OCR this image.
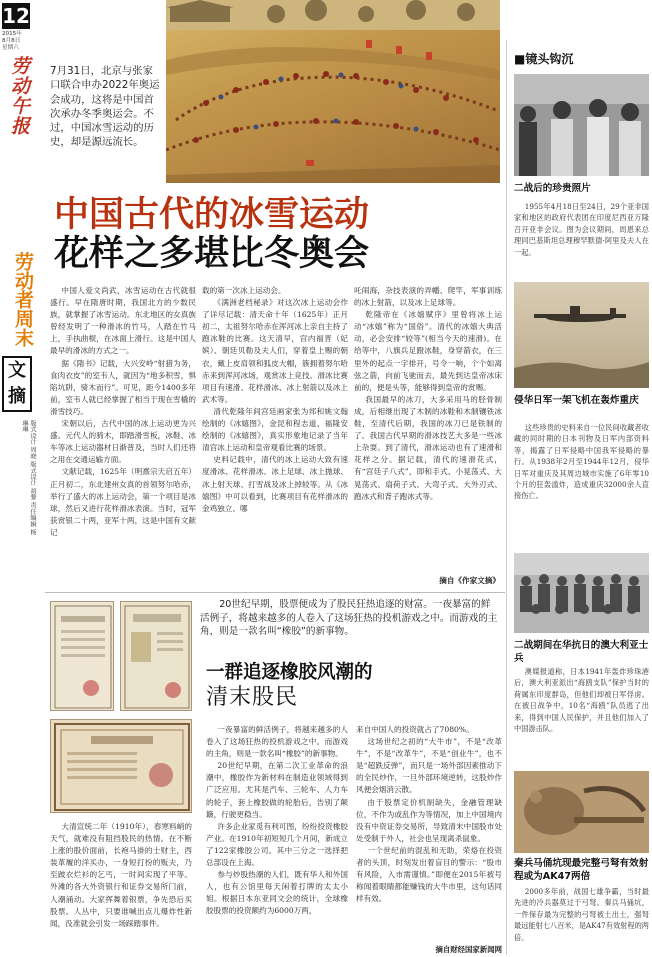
12
2015年
8月8日
星期六
劳动午报
劳动者周末
文摘
版式设计 周晓 版式设计 胡黎 责任编辑 杨琳琳
7月31日，北京与张家口联合申办2022年奥运会成功，这将是中国首次承办冬季奥运会。不过，中国冰雪运动的历史，却是源远流长。
中国古代的冰雪运动
花样之多堪比冬奥会

中国人爱文尚武，冰雪运动在古代就很盛行。早在隋唐时期，我国北方的少数民族，就掌握了冰雪运动。东北地区的女真族曾经发明了一种滑冰的竹马，人踏在竹马上，手执曲棍，在冰面上滑行。这是中国人最早的滑冰的方式之一。

据《隋书》记载，大兴安岭“射猎为务，食肉衣皮”的室韦人，就因为“地多积雪，惧陷坑阱，骑木而行”。可见，距今1400多年前，室韦人就已经掌握了相当于现在雪橇的滑雪技巧。

宋朝以后，古代中国的冰上运动更为兴盛。元代人的骑木，即踏滑雪板，冰鞋、冰车等冰上运动器材日渐普及，当时人们还将之用在交通运输方面。

文献记载，1625年（明熹宗天启五年）正月初二，东北建州女真的首领努尔哈赤，举行了盛大的冰上运动会，第一个项目是冰球，然后又进行花样滑冰表演。当时，冠军获赏银二十两，亚军十两，这是中国有文献记

载的第一次冰上运动会。

《满洲老档秘录》对这次冰上运动会作了详尽记载：清天命十年（1625年）正月初二，太祖努尔哈赤在浑河冰上亲自主持了跑冰鞋的比赛。这天清早，宫内福晋（妃嫔）、朝廷贝勒及夫人们，穿着皇上赐的朝衣，戴上皮肩领和狐皮大帽，簇拥着努尔哈赤来到浑河冰场，观赏冰上竞技。滑冰比赛项目有速滑、花样滑冰、冰上射箭以及冰上武术等。

清代乾隆年间宫廷画家张为邦和姚文翰绘制的《冰嬉图》，金昆和程志道、福隆安绘制的《冰嬉图》，真实形象地记录了当年清宫冰上运动和皇帝观看比赛的场景。

史料记载中，清代的冰上运动大致有速度滑冰、花样滑冰、冰上足球、冰上抛球、冰上射天球、打雪战及冰上掉较等。从《冰嬉图》中可以看到，比赛项目有花样滑冰的金鸡独立、哪

吒闹海，杂技表演的弄幡、爬竿，军事训练的冰上射箭，以及冰上足球等。

乾隆帝在《冰嬉赋序》里曾将冰上运动“冰嬉”称为“国俗”。清代的冰嬉大典活动，必会安排“较等”(相当今天的速滑)。在给等中，八旗兵足蹬冰鞋，身穿箭衣，在三里外的起点一字排开，号令一响，个个如离弦之箭，向前飞驰而去，最先到达皇帝冰床前的，便是头等，能够得到皇帝的赏赐。

我国最早的冰刀，大多采用马的胫骨制成，后相继出现了木制的冰鞋和木制镶铁冰鞋，至清代后期，我国的冰刀已是铁制的了。我国古代早期的滑冰技艺大多是一些冰上杂耍。到了清代，滑冰运动也有了速滑和花样之分。据记载，清代的速滑花式，有“宫廷子八式”，即和手式、小晃荡式、大晃荡式、扇荷子式、大弯子式、大外刃式、跑冰式和背子跑冰式等。

摘自《作家文摘》
20世纪早期，股票便成为了股民狂热追逐的财富。一夜暴富的鲜活例子，将越来越多的人卷入了这场狂热的投机游戏之中。而游戏的主角，则是一款名叫“橡胶”的新事物。
一群追逐橡胶风潮的
清末股民

大清宣统二年（1910年），春寒料峭的天气，就难没有阻挡股民的热情。在不断上涨的股价面前，长袍马褂的士财主，西装革履的洋买办，一身短打扮的贩夫，乃至跛衣烂衫的乞丐，一时间实现了平等。外滩的各大外资银行和证券交易所门前，人潮涌动。大家挥舞着银票，争先恐后买股票。人丛中，只要谁喊出点儿爆炸性新闻，没准就会引发一场踩踏事件。

一夜暴富的鲜活例子，将越来越多的人卷入了这场狂热的投机游戏之中。而游戏的主角，则是一款名叫“橡胶”的新事物。

20世纪早期，在第二次工业革命的浪潮中，橡胶作为新材料在制造业领域得到广泛应用。尤其是汽车、三轮车、人力车的轮子，套上橡胶做的轮胎后，告别了颠簸，行驶更稳当。

许多企业家觅有利可图，纷纷投资橡胶产业。在1910年初短短几个月间，新成立了122家橡胶公司。其中三分之一选择把总部设在上海。

参与炒股热潮的人们，既有华人和外国人，也有公馆里每天闲着打牌的太太小姐。根据日本东亚同文会的统计，全球橡胶股票的投资额约为6000万两，

来自中国人的投资就占了7080%。

这场世纪之初的“大牛市”，不是“改革牛”，不是“改革牛”，不是“创业牛”，也不是“超跌反弹”，而只是一场外部因素推动下的全民炒作，一旦外部环境逆转，这股炒作风便会烟消云散。

由于股票定价机制缺失，金融管理缺位，不作为或乱作为等情况，加上中国境内没有中资证券交易所，导致清末中国股市处处受制于外人，社会也呈现离杀鼠象。

一个世纪前的混乱和无助，荣烙在投资者的头顶，时刻发出着盲目的警示：“股市有风险，入市需谨慎。”即便在2015年被号称闻着眼睛都能赚钱的大牛市里，这句话同样有效。

摘自财经国家新闻网
■镜头钩沉
二战后的珍贵照片
1955年4月18日至24日，29个亚非国家和地区的政府代表团在印度尼西亚万隆召开亚非会议。图为会议期间，周恩来总理同巴基斯坦总理穆罕默德·阿里及夫人在一起。
侵华日军一架飞机在轰炸重庆
这些珍贵的史料来自一位民间收藏者收藏的同时期的日本刊物及日军内部资料等，揭露了日军侵略中国我军侵略的暴行。从1938年2月至1944年12月，侵华日军对重庆及其周边城市实施了6年零10个月的狂轰滥炸，造成重庆32000余人直接伤亡。
二战期间在华抗日的澳大利亚士兵
澳媒报道称，日本1941年轰炸珍珠港后，澳大利亚派出“海鸥支队”保护当时的荷属东印度群岛，但他们却被日军俘虏。在被日战争中，10名“海鸥”队员逃了出来，得到中国人民保护，并且他们加入了中国游击队。
秦兵马俑坑现最完整弓弩有效射程或为AK47两倍
2000多年前，战国七雄争霸，当时最先进的冷兵器莫过于弓弩。秦兵马俑坑，一件保存最为完整的弓弩被土出土，强弩最远能射七八百米，是AK47有效射程的两倍。
